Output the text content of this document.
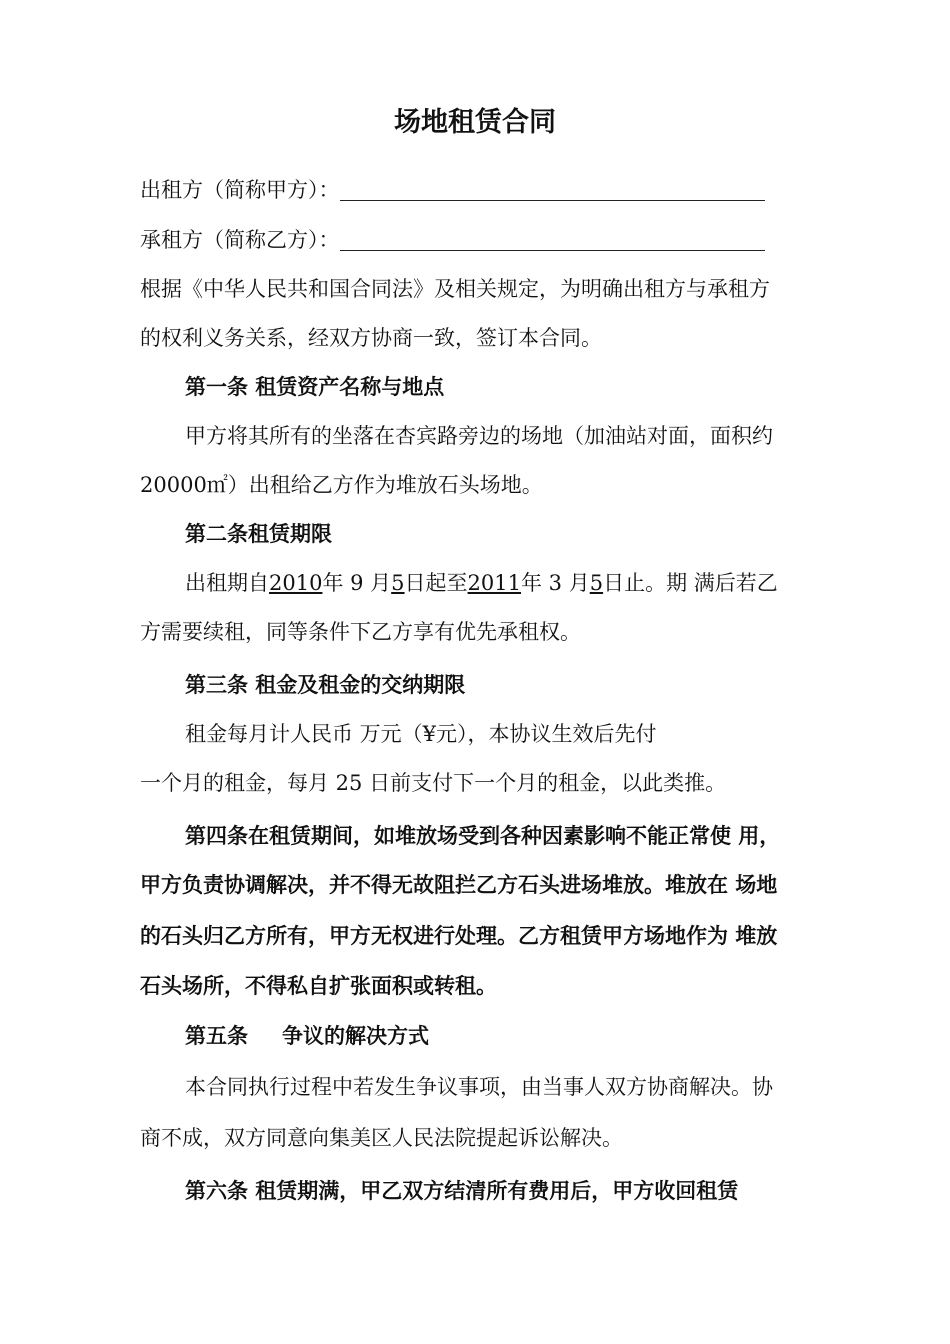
场地租赁合同
出租方（简称甲方）：
承租方（简称乙方）：
根据《中华人民共和国合同法》及相关规定，为明确出租方与承租方
的权利义务关系，经双方协商一致，签订本合同。
第一条 租赁资产名称与地点
甲方将其所有的坐落在杏宾路旁边的场地（加油站对面，面积约
20000㎡）出租给乙方作为堆放石头场地。
第二条租赁期限
出租期自2010年 9 月5日起至2011年 3 月5日止。期 满后若乙
方需要续租，同等条件下乙方享有优先承租权。
第三条 租金及租金的交纳期限
租金每月计人民币 万元（¥元），本协议生效后先付
一个月的租金，每月 25 日前支付下一个月的租金，以此类推。
第四条在租赁期间，如堆放场受到各种因素影响不能正常使 用，
甲方负责协调解决，并不得无故阻拦乙方石头进场堆放。堆放在 场地
的石头归乙方所有，甲方无权进行处理。乙方租赁甲方场地作为 堆放
石头场所，不得私自扩张面积或转租。
第五条 争议的解决方式
本合同执行过程中若发生争议事项，由当事人双方协商解决。协
商不成，双方同意向集美区人民法院提起诉讼解决。
第六条 租赁期满，甲乙双方结清所有费用后，甲方收回租赁
